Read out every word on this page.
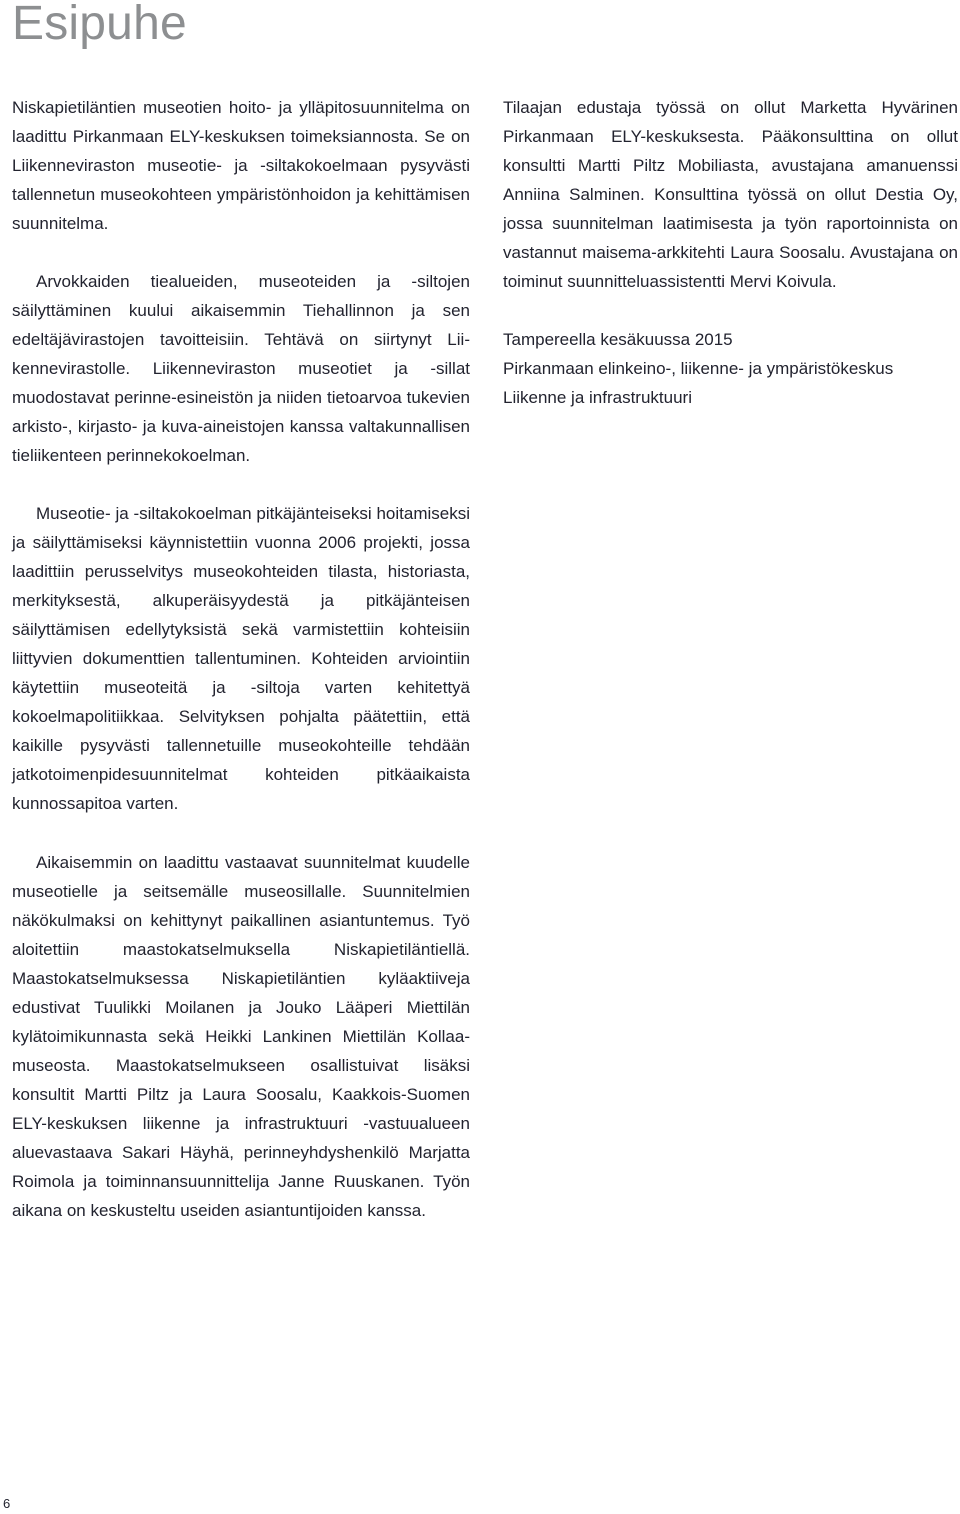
Esipuhe

Niskapietiläntien museotien hoito- ja ylläpitosuunnitelma on laadittu Pirkanmaan ELY-keskuksen toimeksiannosta. Se on Liikenneviraston museotie- ja -siltakokoelmaan pysyvästi tallennetun museokohteen ympäristönhoidon ja kehittämisen suunnitelma.

Arvokkaiden tiealueiden, museoteiden ja -siltojen säilyttäminen kuului aikaisemmin Tiehallinnon ja sen edeltäjävirastojen tavoitteisiin. Tehtävä on siirtynyt Liikennevirastolle. Liikenneviraston museotiet ja -sillat muodostavat perinne-esineistön ja niiden tietoarvoa tukevien arkisto-, kirjasto- ja kuva-aineistojen kanssa valtakunnallisen tieliikenteen perinnekokoelman.

Museotie- ja -siltakokoelman pitkäjänteiseksi hoitamiseksi ja säilyttämiseksi käynnistettiin vuonna 2006 projekti, jossa laadittiin perusselvitys museokohteiden tilasta, historiasta, merkityksestä, alkuperäisyydestä ja pitkäjänteisen säilyttämisen edellytyksistä sekä varmistettiin kohteisiin liittyvien dokumenttien tallentuminen. Kohteiden arviointiin käytettiin museoteitä ja -siltoja varten kehitettyä kokoelmapolitiikkaa. Selvityksen pohjalta päätettiin, että kaikille pysyvästi tallennetuille museokohteille tehdään jatkotoimenpidesuunnitelmat kohteiden pitkäaikaista kunnossapitoa varten.

Aikaisemmin on laadittu vastaavat suunnitelmat kuudelle museotielle ja seitsemälle museosillalle. Suunnitelmien näkökulmaksi on kehittynyt paikallinen asiantuntemus. Työ aloitettiin maastokatselmuksella Niskapietiläntiellä. Maastokatselmuksessa Niskapietiläntien kyläaktiiveja edustivat Tuulikki Moilanen ja Jouko Lääperi Miettilän kylätoimikunnasta sekä Heikki Lankinen Miettilän Kollaa-museosta. Maastokatselmukseen osallistuivat lisäksi konsultit Martti Piltz ja Laura Soosalu, Kaakkois-Suomen ELY-keskuksen liikenne ja infrastruktuuri -vastuualueen aluevastaava Sakari Häyhä, perinneyhdyshenkilö Marjatta Roimola ja toiminnansuunnittelija Janne Ruuskanen. Työn aikana on keskusteltu useiden asiantuntijoiden kanssa.

Tilaajan edustaja työssä on ollut Marketta Hyvärinen Pirkanmaan ELY-keskuksesta. Pääkonsulttina on ollut konsultti Martti Piltz Mobiliasta, avustajana amanuenssi Anniina Salminen. Konsulttina työssä on ollut Destia Oy, jossa suunnitelman laatimisesta ja työn raportoinnista on vastannut maisema-arkkitehti Laura Soosalu. Avustajana on toiminut suunnitteluassistentti Mervi Koivula.

Tampereella kesäkuussa 2015
Pirkanmaan elinkeino-, liikenne- ja ympäristökeskus
Liikenne ja infrastruktuuri
6
